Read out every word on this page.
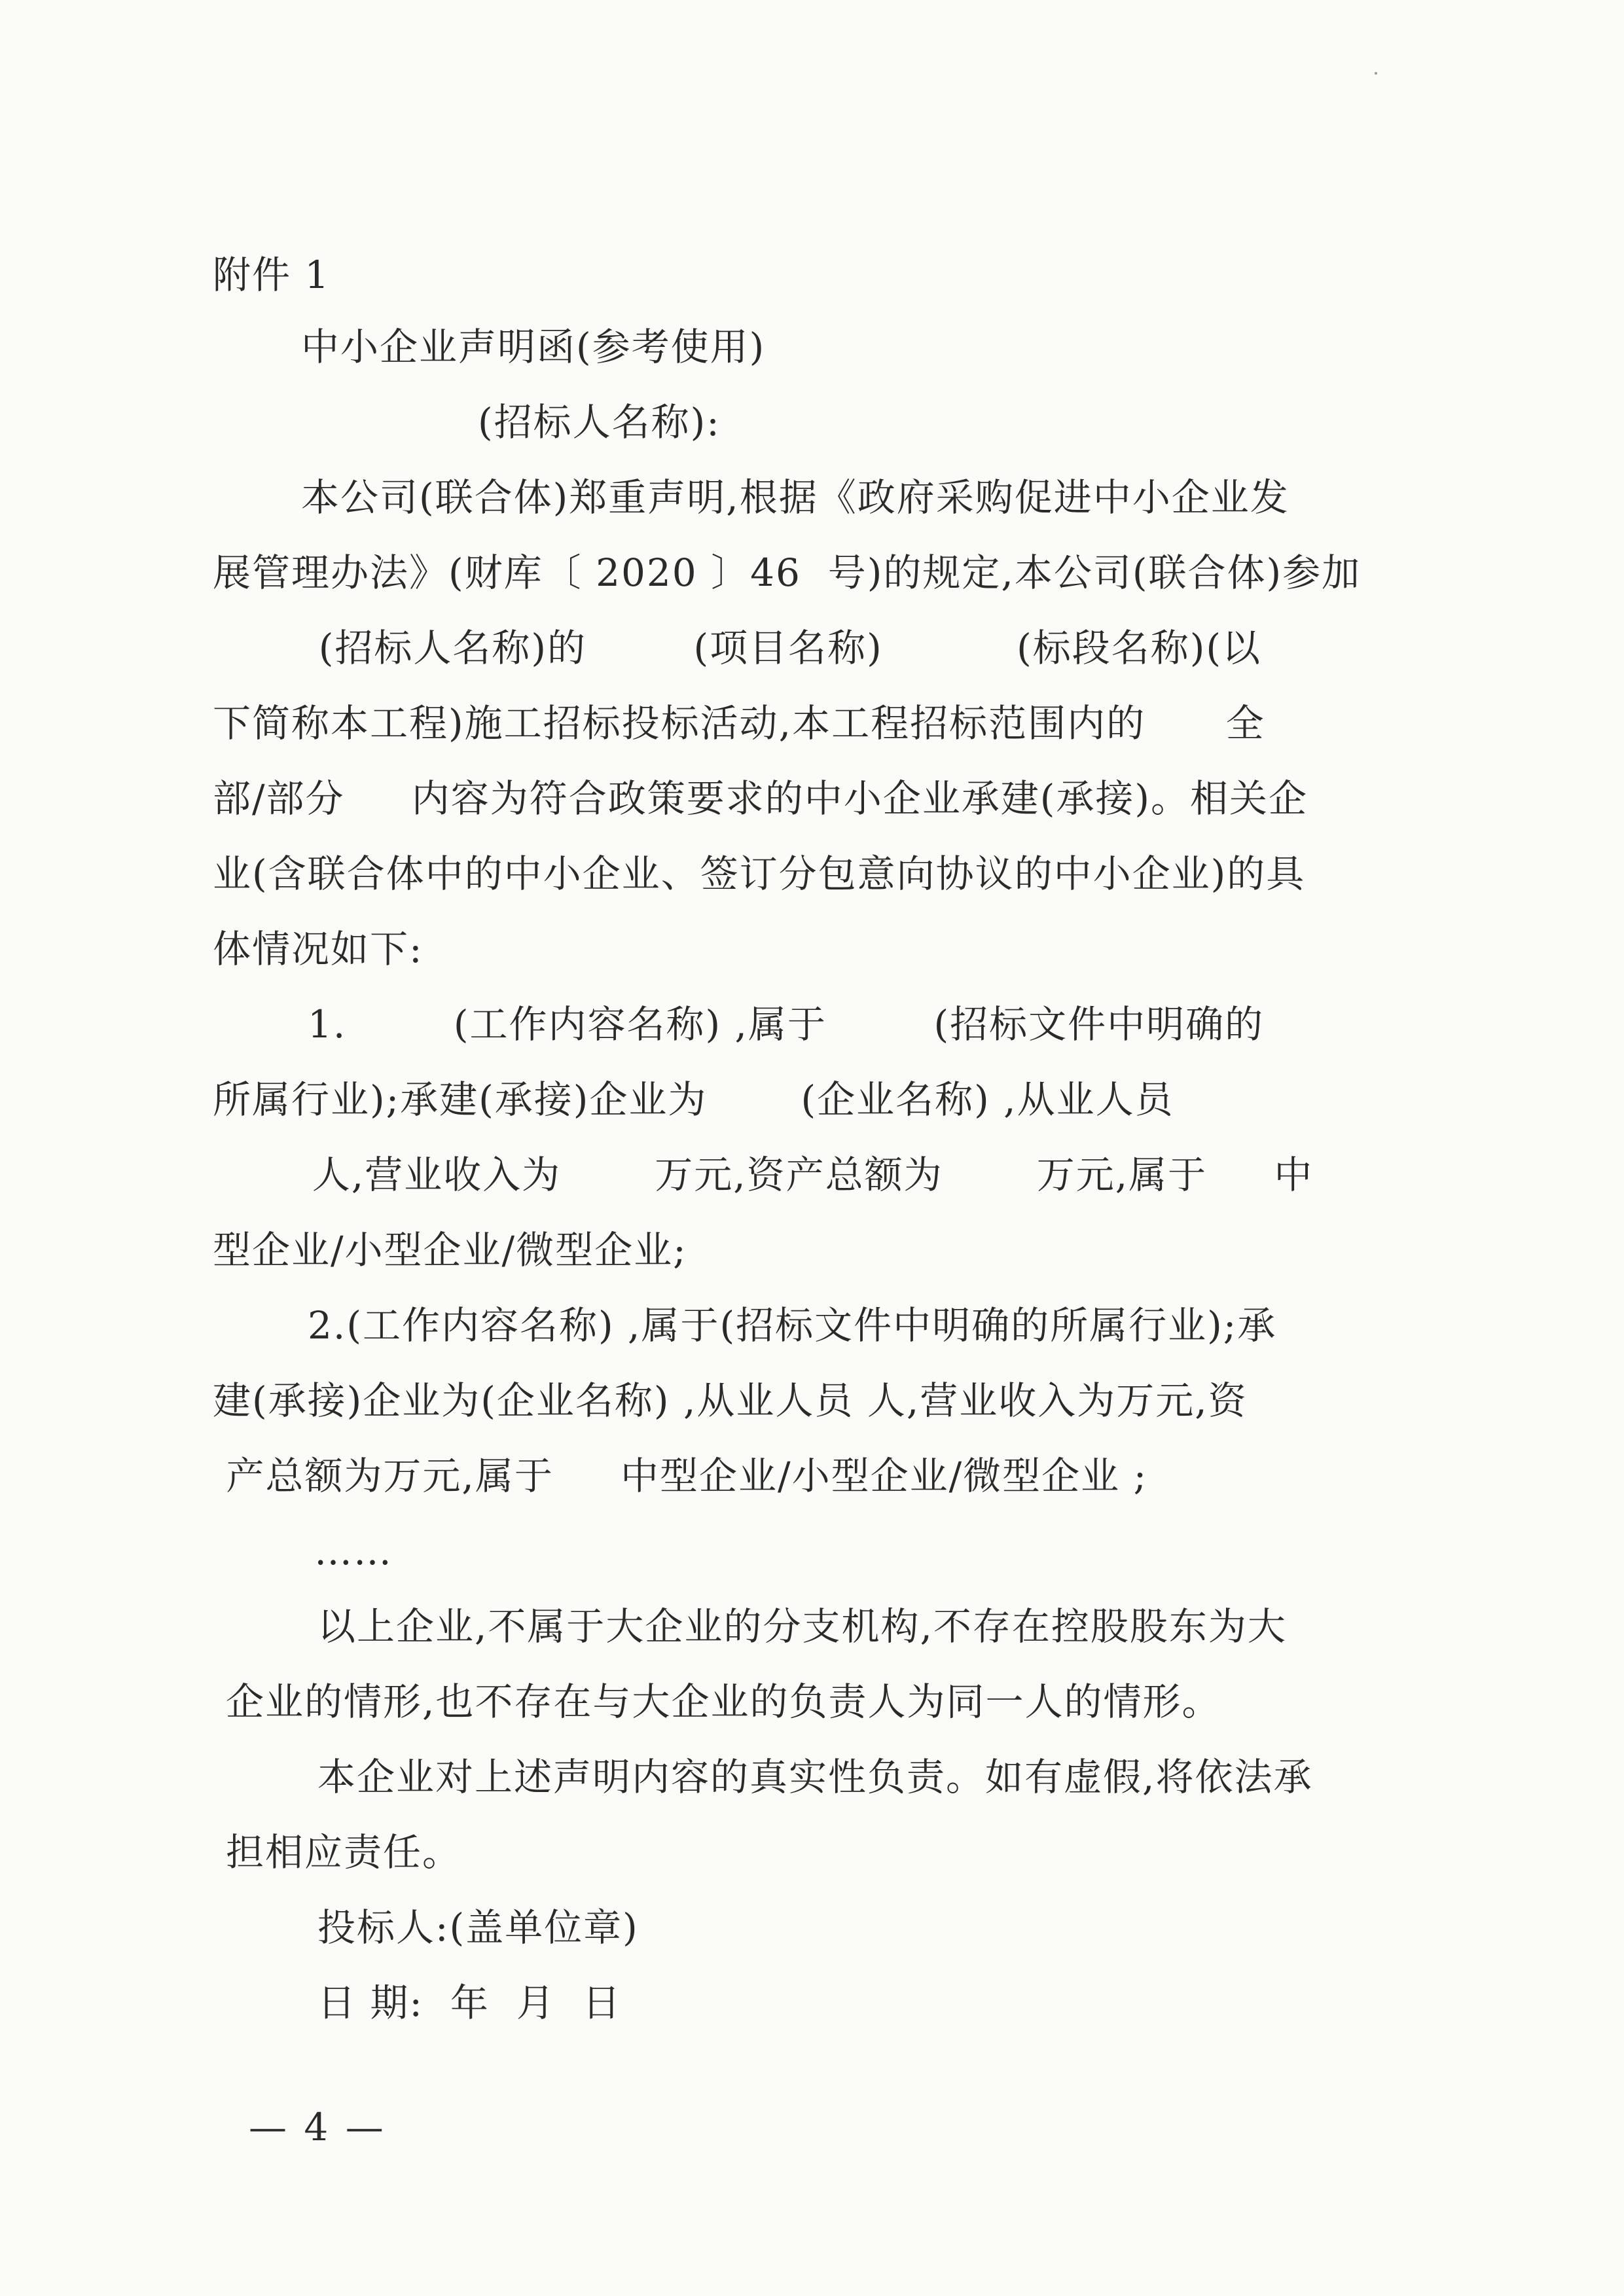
附件 1
中小企业声明函(参考使用)
(招标人名称):
本公司(联合体)郑重声明,根据《政府采购促进中小企业发
展管理办法》(财库〔 2020 〕46  号)的规定,本公司(联合体)参加
(招标人名称)的        (项目名称)          (标段名称)(以
下简称本工程)施工招标投标活动,本工程招标范围内的      全
部/部分     内容为符合政策要求的中小企业承建(承接)。相关企
业(含联合体中的中小企业、签订分包意向协议的中小企业)的具
体情况如下:
1.        (工作内容名称) ,属于        (招标文件中明确的
所属行业);承建(承接)企业为       (企业名称) ,从业人员
人,营业收入为       万元,资产总额为       万元,属于     中
型企业/小型企业/微型企业;
2.(工作内容名称) ,属于(招标文件中明确的所属行业);承
建(承接)企业为(企业名称) ,从业人员 人,营业收入为万元,资
产总额为万元,属于     中型企业/小型企业/微型企业 ;
……
以上企业,不属于大企业的分支机构,不存在控股股东为大
企业的情形,也不存在与大企业的负责人为同一人的情形。
本企业对上述声明内容的真实性负责。如有虚假,将依法承
担相应责任。
投标人:(盖单位章)
日 期:  年  月  日
— 4 —
